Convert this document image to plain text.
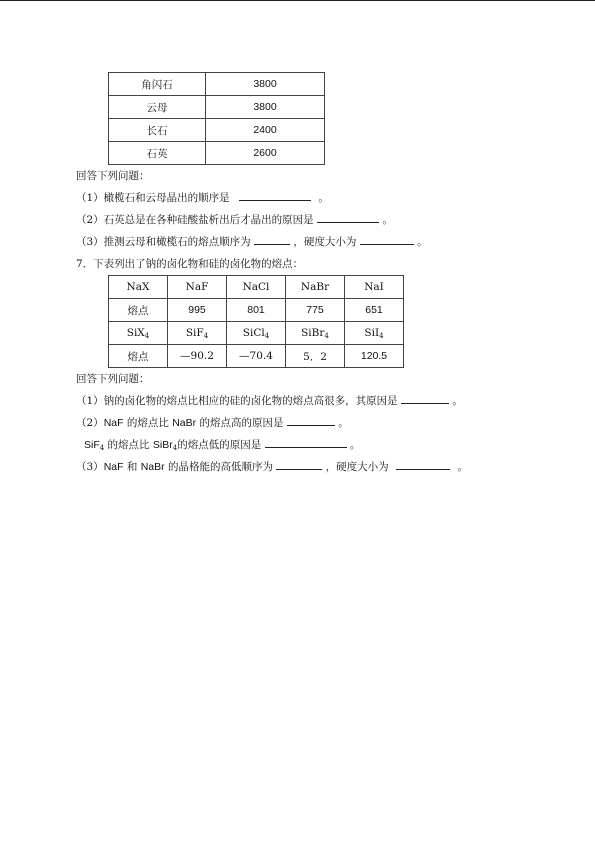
角闪石	3800
云母	3800
长石	2400
石英	2600
回答下列问题：
（1）橄榄石和云母晶出的顺序是	。
（2）石英总是在各种硅酸盐析出后才晶出的原因是	。
（3）推测云母和橄榄石的熔点顺序为	，硬度大小为	。
7．下表列出了钠的卤化物和硅的卤化物的熔点：
NaX	NaF	NaCl	NaBr	NaI
熔点	995	801	775	651
SiX$_4$	SiF$_4$	SiCl$_4$	SiBr$_4$	SiI$_4$
熔点	—90.2	—70.4	5．2	120.5
回答下列问题：
（1）钠的卤化物的熔点比相应的硅的卤化物的熔点高很多，其原因是	。
（2）NaF 的熔点比 NaBr 的熔点高的原因是	。
SiF$_4$ 的熔点比 SiBr$_4$的熔点低的原因是	。
（3）NaF 和 NaBr 的晶格能的高低顺序为	，硬度大小为	。
